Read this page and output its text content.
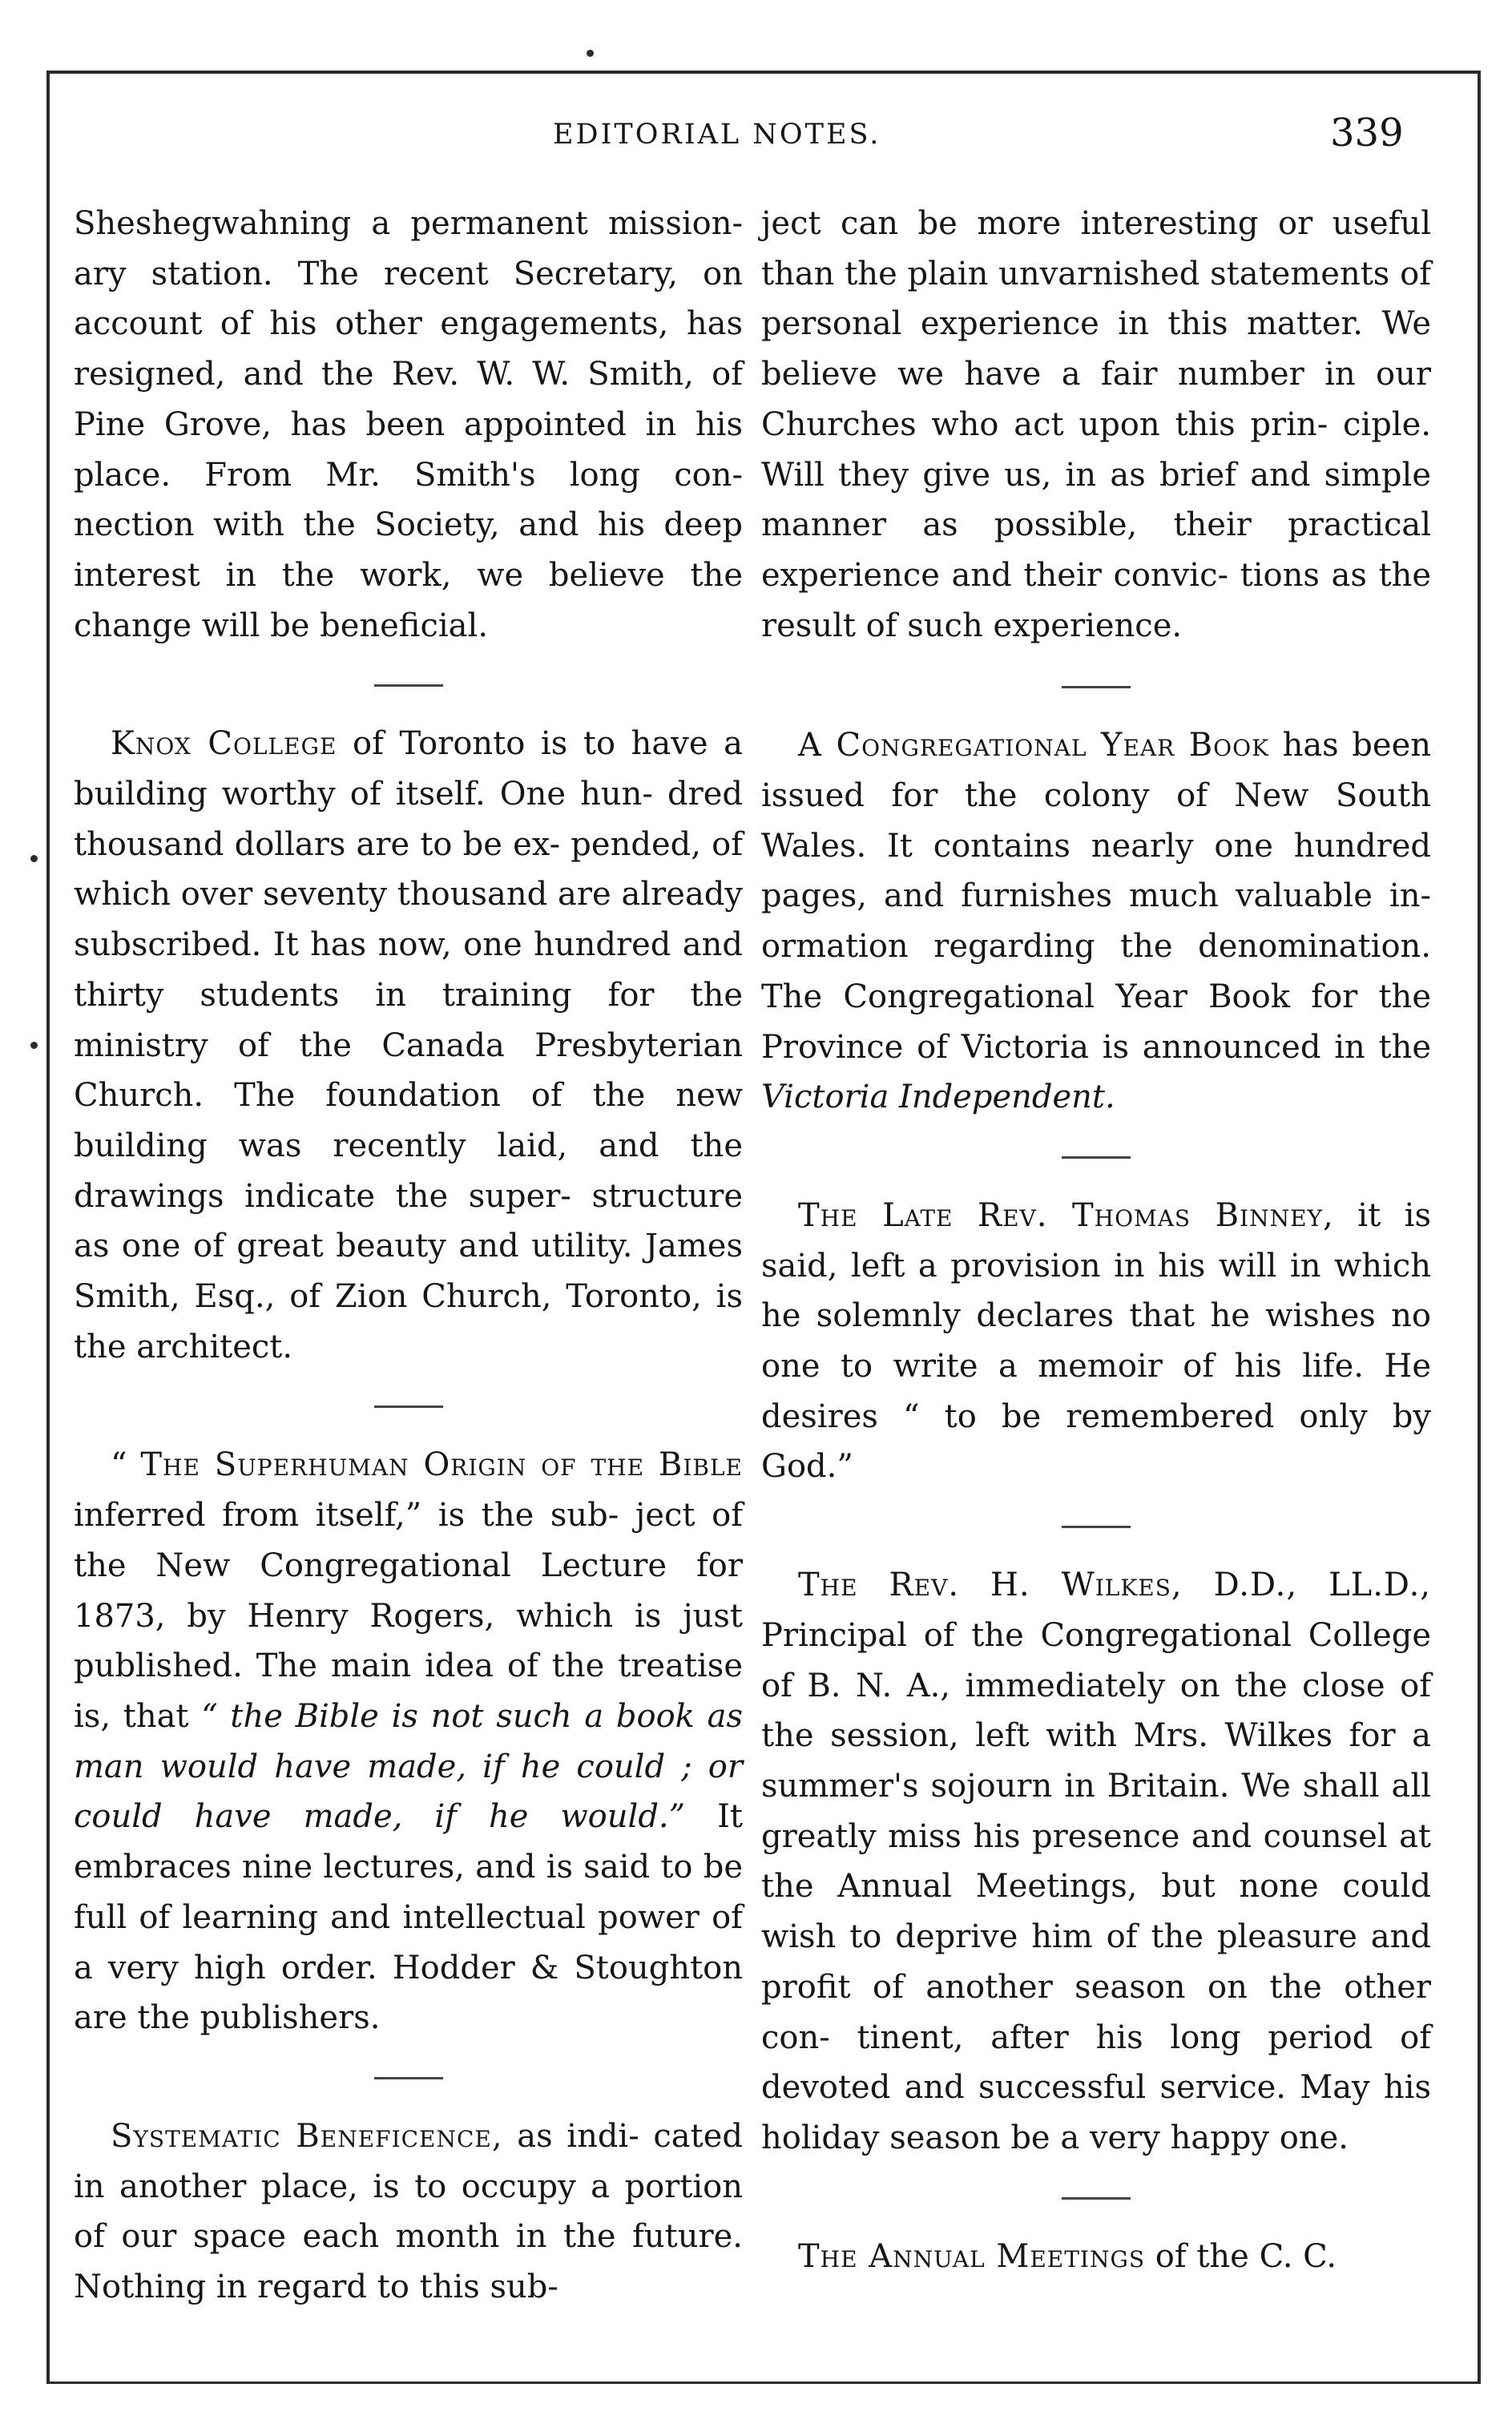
EDITORIAL NOTES.	339

Sheshegwahning a permanent mission- ary station. The recent Secretary, on account of his other engagements, has resigned, and the Rev. W. W. Smith, of Pine Grove, has been appointed in his place. From Mr. Smith's long con- nection with the Society, and his deep interest in the work, we believe the change will be beneficial.

Knox College of Toronto is to have a building worthy of itself. One hun- dred thousand dollars are to be ex- pended, of which over seventy thousand are already subscribed. It has now, one hundred and thirty students in training for the ministry of the Canada Presbyterian Church. The foundation of the new building was recently laid, and the drawings indicate the super- structure as one of great beauty and utility. James Smith, Esq., of Zion Church, Toronto, is the architect.

“ The Superhuman Origin of the Bible inferred from itself,” is the sub- ject of the New Congregational Lecture for 1873, by Henry Rogers, which is just published. The main idea of the treatise is, that “ the Bible is not such a book as man would have made, if he could ; or could have made, if he would.” It embraces nine lectures, and is said to be full of learning and intellectual power of a very high order. Hodder & Stoughton are the publishers.

Systematic Beneficence, as indi- cated in another place, is to occupy a portion of our space each month in the future. Nothing in regard to this sub-

ject can be more interesting or useful than the plain unvarnished statements of personal experience in this matter. We believe we have a fair number in our Churches who act upon this prin- ciple. Will they give us, in as brief and simple manner as possible, their practical experience and their convic- tions as the result of such experience.

A Congregational Year Book has been issued for the colony of New South Wales. It contains nearly one hundred pages, and furnishes much valuable in- ormation regarding the denomination. The Congregational Year Book for the Province of Victoria is announced in the Victoria Independent.

The Late Rev. Thomas Binney, it is said, left a provision in his will in which he solemnly declares that he wishes no one to write a memoir of his life. He desires “ to be remembered only by God.”

The Rev. H. Wilkes, D.D., LL.D., Principal of the Congregational College of B. N. A., immediately on the close of the session, left with Mrs. Wilkes for a summer's sojourn in Britain. We shall all greatly miss his presence and counsel at the Annual Meetings, but none could wish to deprive him of the pleasure and profit of another season on the other con- tinent, after his long period of devoted and successful service. May his holiday season be a very happy one.

The Annual Meetings of the C. C.
